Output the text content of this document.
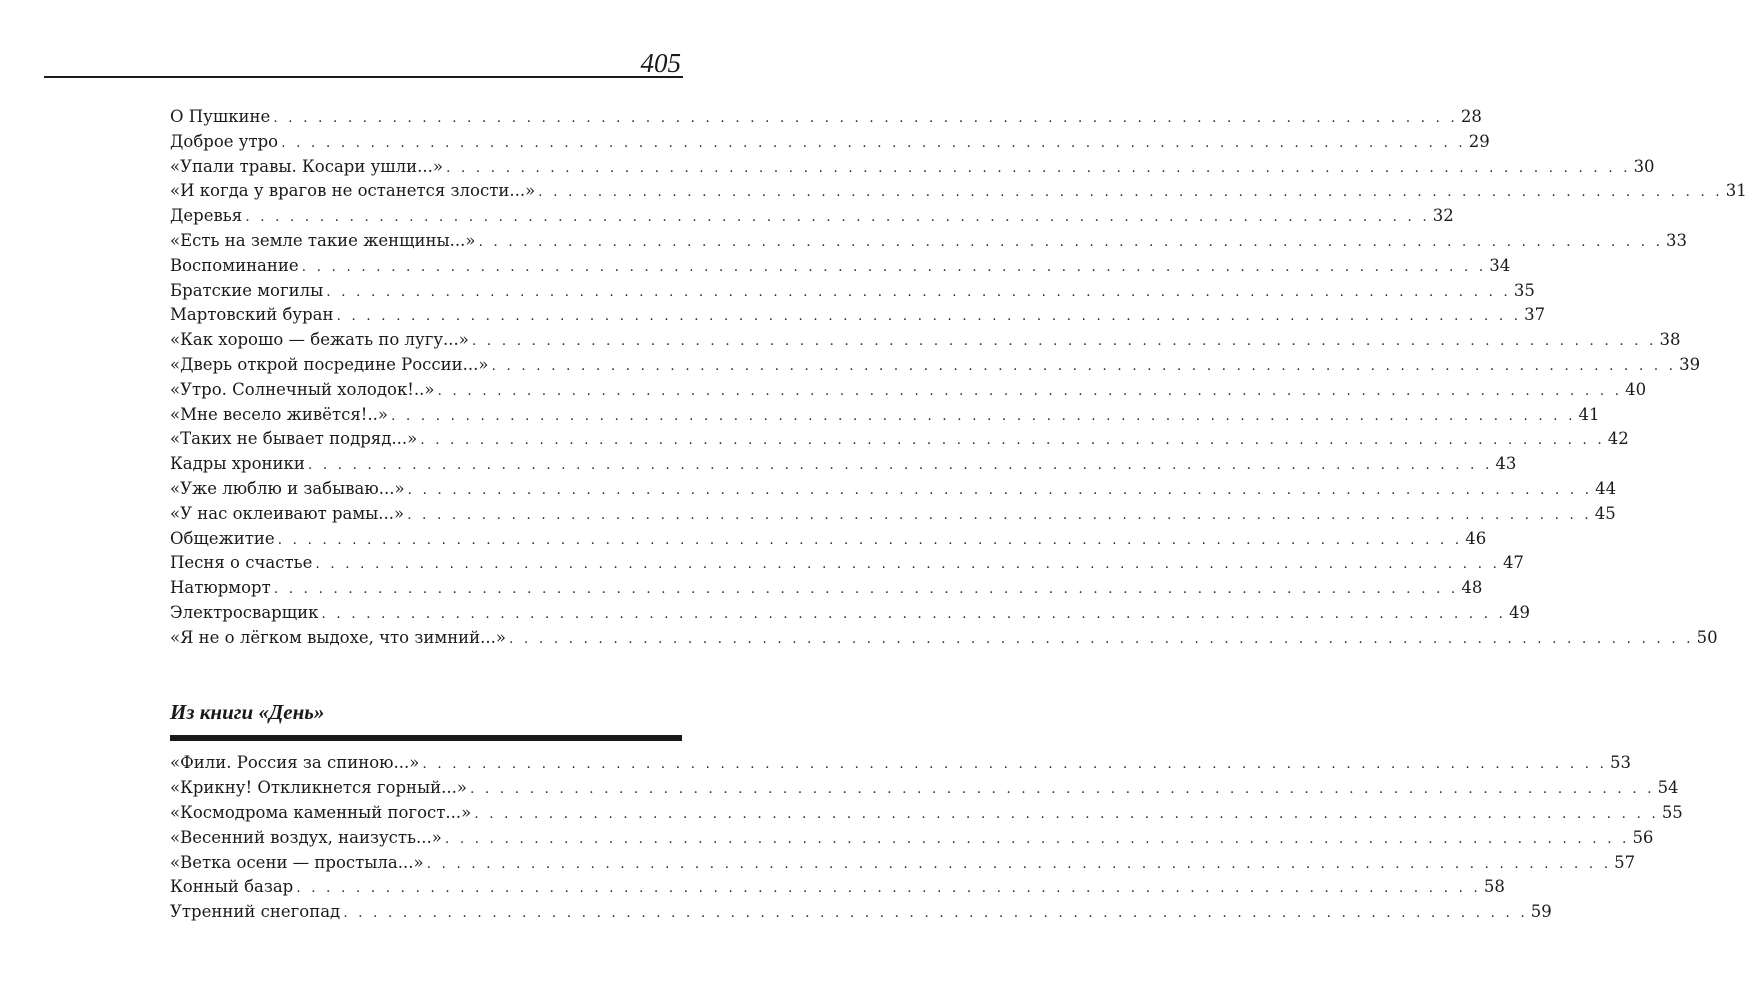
405
О Пушкине . . . . . . . . . . . . . . . . . . . . . . . . . . . . . . . . . . . . . . . . . . . . . . . . . . . . . . . . . . . . . . . . . . . . . . . . . . . . . . . . 28
Доброе утро . . . . . . . . . . . . . . . . . . . . . . . . . . . . . . . . . . . . . . . . . . . . . . . . . . . . . . . . . . . . . . . . . . . . . . . . . . . . . . . . 29
«Упали травы. Косари ушли...» . . . . . . . . . . . . . . . . . . . . . . . . . . . . . . . . . . . . . . . . . . . . . . . . . . . . . . . . . . . . . . . . . . . . . . . . . . . . . . . . 30
«И когда у врагов не останется злости...» . . . . . . . . . . . . . . . . . . . . . . . . . . . . . . . . . . . . . . . . . . . . . . . . . . . . . . . . . . . . . . . . . . . . . . . . . . . . . . . . 31
Деревья . . . . . . . . . . . . . . . . . . . . . . . . . . . . . . . . . . . . . . . . . . . . . . . . . . . . . . . . . . . . . . . . . . . . . . . . . . . . . . . . 32
«Есть на земле такие женщины...» . . . . . . . . . . . . . . . . . . . . . . . . . . . . . . . . . . . . . . . . . . . . . . . . . . . . . . . . . . . . . . . . . . . . . . . . . . . . . . . . 33
Воспоминание . . . . . . . . . . . . . . . . . . . . . . . . . . . . . . . . . . . . . . . . . . . . . . . . . . . . . . . . . . . . . . . . . . . . . . . . . . . . . . . . 34
Братские могилы . . . . . . . . . . . . . . . . . . . . . . . . . . . . . . . . . . . . . . . . . . . . . . . . . . . . . . . . . . . . . . . . . . . . . . . . . . . . . . . . 35
Мартовский буран . . . . . . . . . . . . . . . . . . . . . . . . . . . . . . . . . . . . . . . . . . . . . . . . . . . . . . . . . . . . . . . . . . . . . . . . . . . . . . . . 37
«Как хорошо — бежать по лугу...» . . . . . . . . . . . . . . . . . . . . . . . . . . . . . . . . . . . . . . . . . . . . . . . . . . . . . . . . . . . . . . . . . . . . . . . . . . . . . . . . 38
«Дверь открой посредине России...» . . . . . . . . . . . . . . . . . . . . . . . . . . . . . . . . . . . . . . . . . . . . . . . . . . . . . . . . . . . . . . . . . . . . . . . . . . . . . . . . 39
«Утро. Солнечный холодок!..» . . . . . . . . . . . . . . . . . . . . . . . . . . . . . . . . . . . . . . . . . . . . . . . . . . . . . . . . . . . . . . . . . . . . . . . . . . . . . . . . 40
«Мне весело живётся!..» . . . . . . . . . . . . . . . . . . . . . . . . . . . . . . . . . . . . . . . . . . . . . . . . . . . . . . . . . . . . . . . . . . . . . . . . . . . . . . . . 41
«Таких не бывает подряд...» . . . . . . . . . . . . . . . . . . . . . . . . . . . . . . . . . . . . . . . . . . . . . . . . . . . . . . . . . . . . . . . . . . . . . . . . . . . . . . . . 42
Кадры хроники . . . . . . . . . . . . . . . . . . . . . . . . . . . . . . . . . . . . . . . . . . . . . . . . . . . . . . . . . . . . . . . . . . . . . . . . . . . . . . . . 43
«Уже люблю и забываю...» . . . . . . . . . . . . . . . . . . . . . . . . . . . . . . . . . . . . . . . . . . . . . . . . . . . . . . . . . . . . . . . . . . . . . . . . . . . . . . . . 44
«У нас оклеивают рамы...» . . . . . . . . . . . . . . . . . . . . . . . . . . . . . . . . . . . . . . . . . . . . . . . . . . . . . . . . . . . . . . . . . . . . . . . . . . . . . . . . 45
Общежитие . . . . . . . . . . . . . . . . . . . . . . . . . . . . . . . . . . . . . . . . . . . . . . . . . . . . . . . . . . . . . . . . . . . . . . . . . . . . . . . . 46
Песня о счастье . . . . . . . . . . . . . . . . . . . . . . . . . . . . . . . . . . . . . . . . . . . . . . . . . . . . . . . . . . . . . . . . . . . . . . . . . . . . . . . . 47
Натюрморт . . . . . . . . . . . . . . . . . . . . . . . . . . . . . . . . . . . . . . . . . . . . . . . . . . . . . . . . . . . . . . . . . . . . . . . . . . . . . . . . 48
Электросварщик . . . . . . . . . . . . . . . . . . . . . . . . . . . . . . . . . . . . . . . . . . . . . . . . . . . . . . . . . . . . . . . . . . . . . . . . . . . . . . . . 49
«Я не о лёгком выдохе, что зимний...» . . . . . . . . . . . . . . . . . . . . . . . . . . . . . . . . . . . . . . . . . . . . . . . . . . . . . . . . . . . . . . . . . . . . . . . . . . . . . . . . 50
Из книги «День»
«Фили. Россия за спиною...» . . . . . . . . . . . . . . . . . . . . . . . . . . . . . . . . . . . . . . . . . . . . . . . . . . . . . . . . . . . . . . . . . . . . . . . . . . . . . . . . 53
«Крикну! Откликнется горный...» . . . . . . . . . . . . . . . . . . . . . . . . . . . . . . . . . . . . . . . . . . . . . . . . . . . . . . . . . . . . . . . . . . . . . . . . . . . . . . . . 54
«Космодрома каменный погост...» . . . . . . . . . . . . . . . . . . . . . . . . . . . . . . . . . . . . . . . . . . . . . . . . . . . . . . . . . . . . . . . . . . . . . . . . . . . . . . . . 55
«Весенний воздух, наизусть...» . . . . . . . . . . . . . . . . . . . . . . . . . . . . . . . . . . . . . . . . . . . . . . . . . . . . . . . . . . . . . . . . . . . . . . . . . . . . . . . . 56
«Ветка осени — простыла...» . . . . . . . . . . . . . . . . . . . . . . . . . . . . . . . . . . . . . . . . . . . . . . . . . . . . . . . . . . . . . . . . . . . . . . . . . . . . . . . . 57
Конный базар . . . . . . . . . . . . . . . . . . . . . . . . . . . . . . . . . . . . . . . . . . . . . . . . . . . . . . . . . . . . . . . . . . . . . . . . . . . . . . . . 58
Утренний снегопад . . . . . . . . . . . . . . . . . . . . . . . . . . . . . . . . . . . . . . . . . . . . . . . . . . . . . . . . . . . . . . . . . . . . . . . . . . . . . . . . 59
